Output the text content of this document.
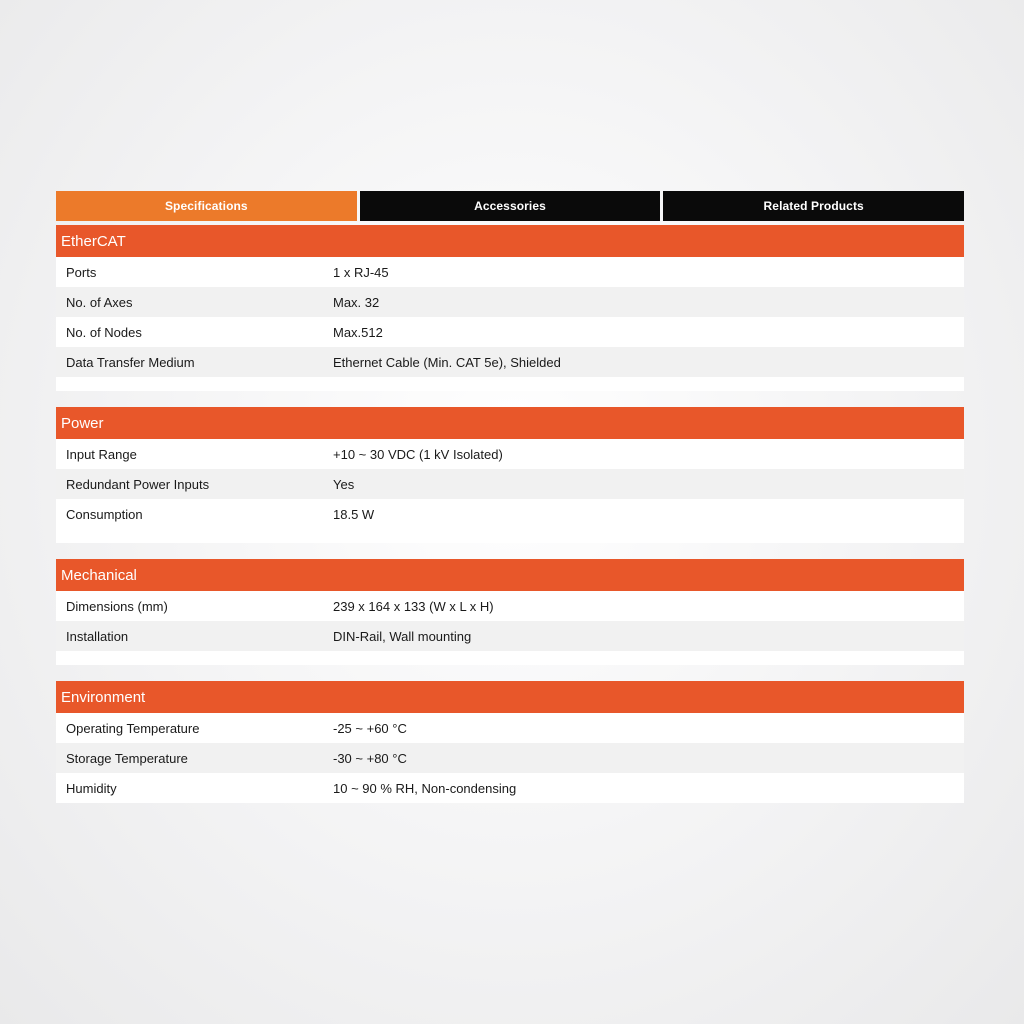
Specifications	Accessories	Related Products
EtherCAT
Ports	1 x RJ-45
No. of Axes	Max. 32
No. of Nodes	Max.512
Data Transfer Medium	Ethernet Cable (Min. CAT 5e), Shielded
Power
Input Range	+10 ~ 30 VDC (1 kV Isolated)
Redundant Power Inputs	Yes
Consumption	18.5 W
Mechanical
Dimensions (mm)	239 x 164 x 133 (W x L x H)
Installation	DIN-Rail, Wall mounting
Environment
Operating Temperature	-25 ~ +60 °C
Storage Temperature	-30 ~ +80 °C
Humidity	10 ~ 90 % RH, Non-condensing
